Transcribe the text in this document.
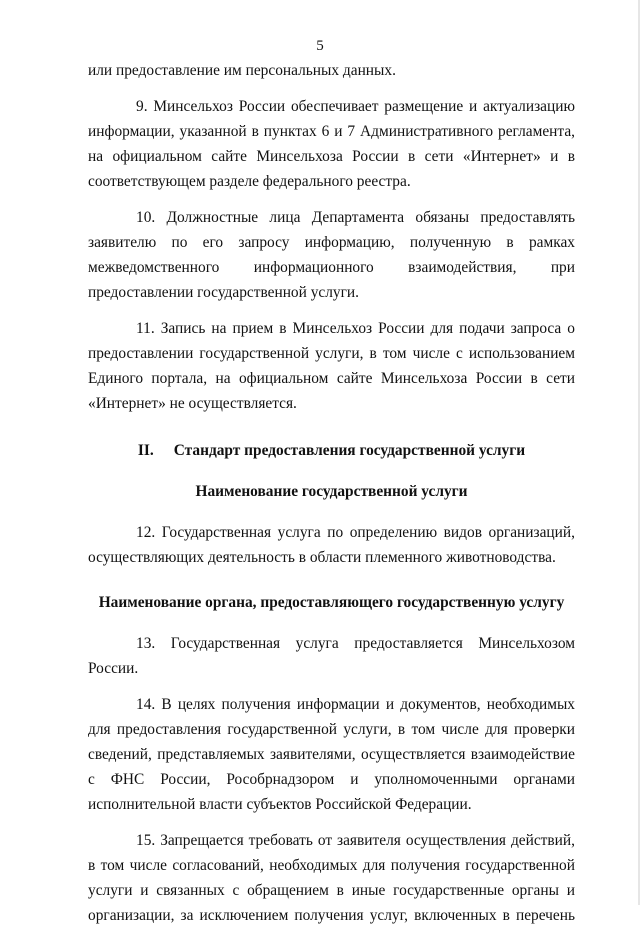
5

или предоставление им персональных данных.

9. Минсельхоз России обеспечивает размещение и актуализацию информации, указанной в пунктах 6 и 7 Административного регламента, на официальном сайте Минсельхоза России в сети «Интернет» и в соответствующем разделе федерального реестра.

10. Должностные лица Департамента обязаны предоставлять заявителю по его запросу информацию, полученную в рамках межведомственного информационного взаимодействия, при предоставлении государственной услуги.

11. Запись на прием в Минсельхоз России для подачи запроса о предоставлении государственной услуги, в том числе с использованием Единого портала, на официальном сайте Минсельхоза России в сети «Интернет» не осуществляется.

II. Стандарт предоставления государственной услуги

Наименование государственной услуги

12. Государственная услуга по определению видов организаций, осуществляющих деятельность в области племенного животноводства.

Наименование органа, предоставляющего государственную услугу

13. Государственная услуга предоставляется Минсельхозом России.

14. В целях получения информации и документов, необходимых для предоставления государственной услуги, в том числе для проверки сведений, представляемых заявителями, осуществляется взаимодействие с ФНС России, Рособрнадзором и уполномоченными органами исполнительной власти субъектов Российской Федерации.

15. Запрещается требовать от заявителя осуществления действий, в том числе согласований, необходимых для получения государственной услуги и связанных с обращением в иные государственные органы и организации, за исключением получения услуг, включенных в перечень
